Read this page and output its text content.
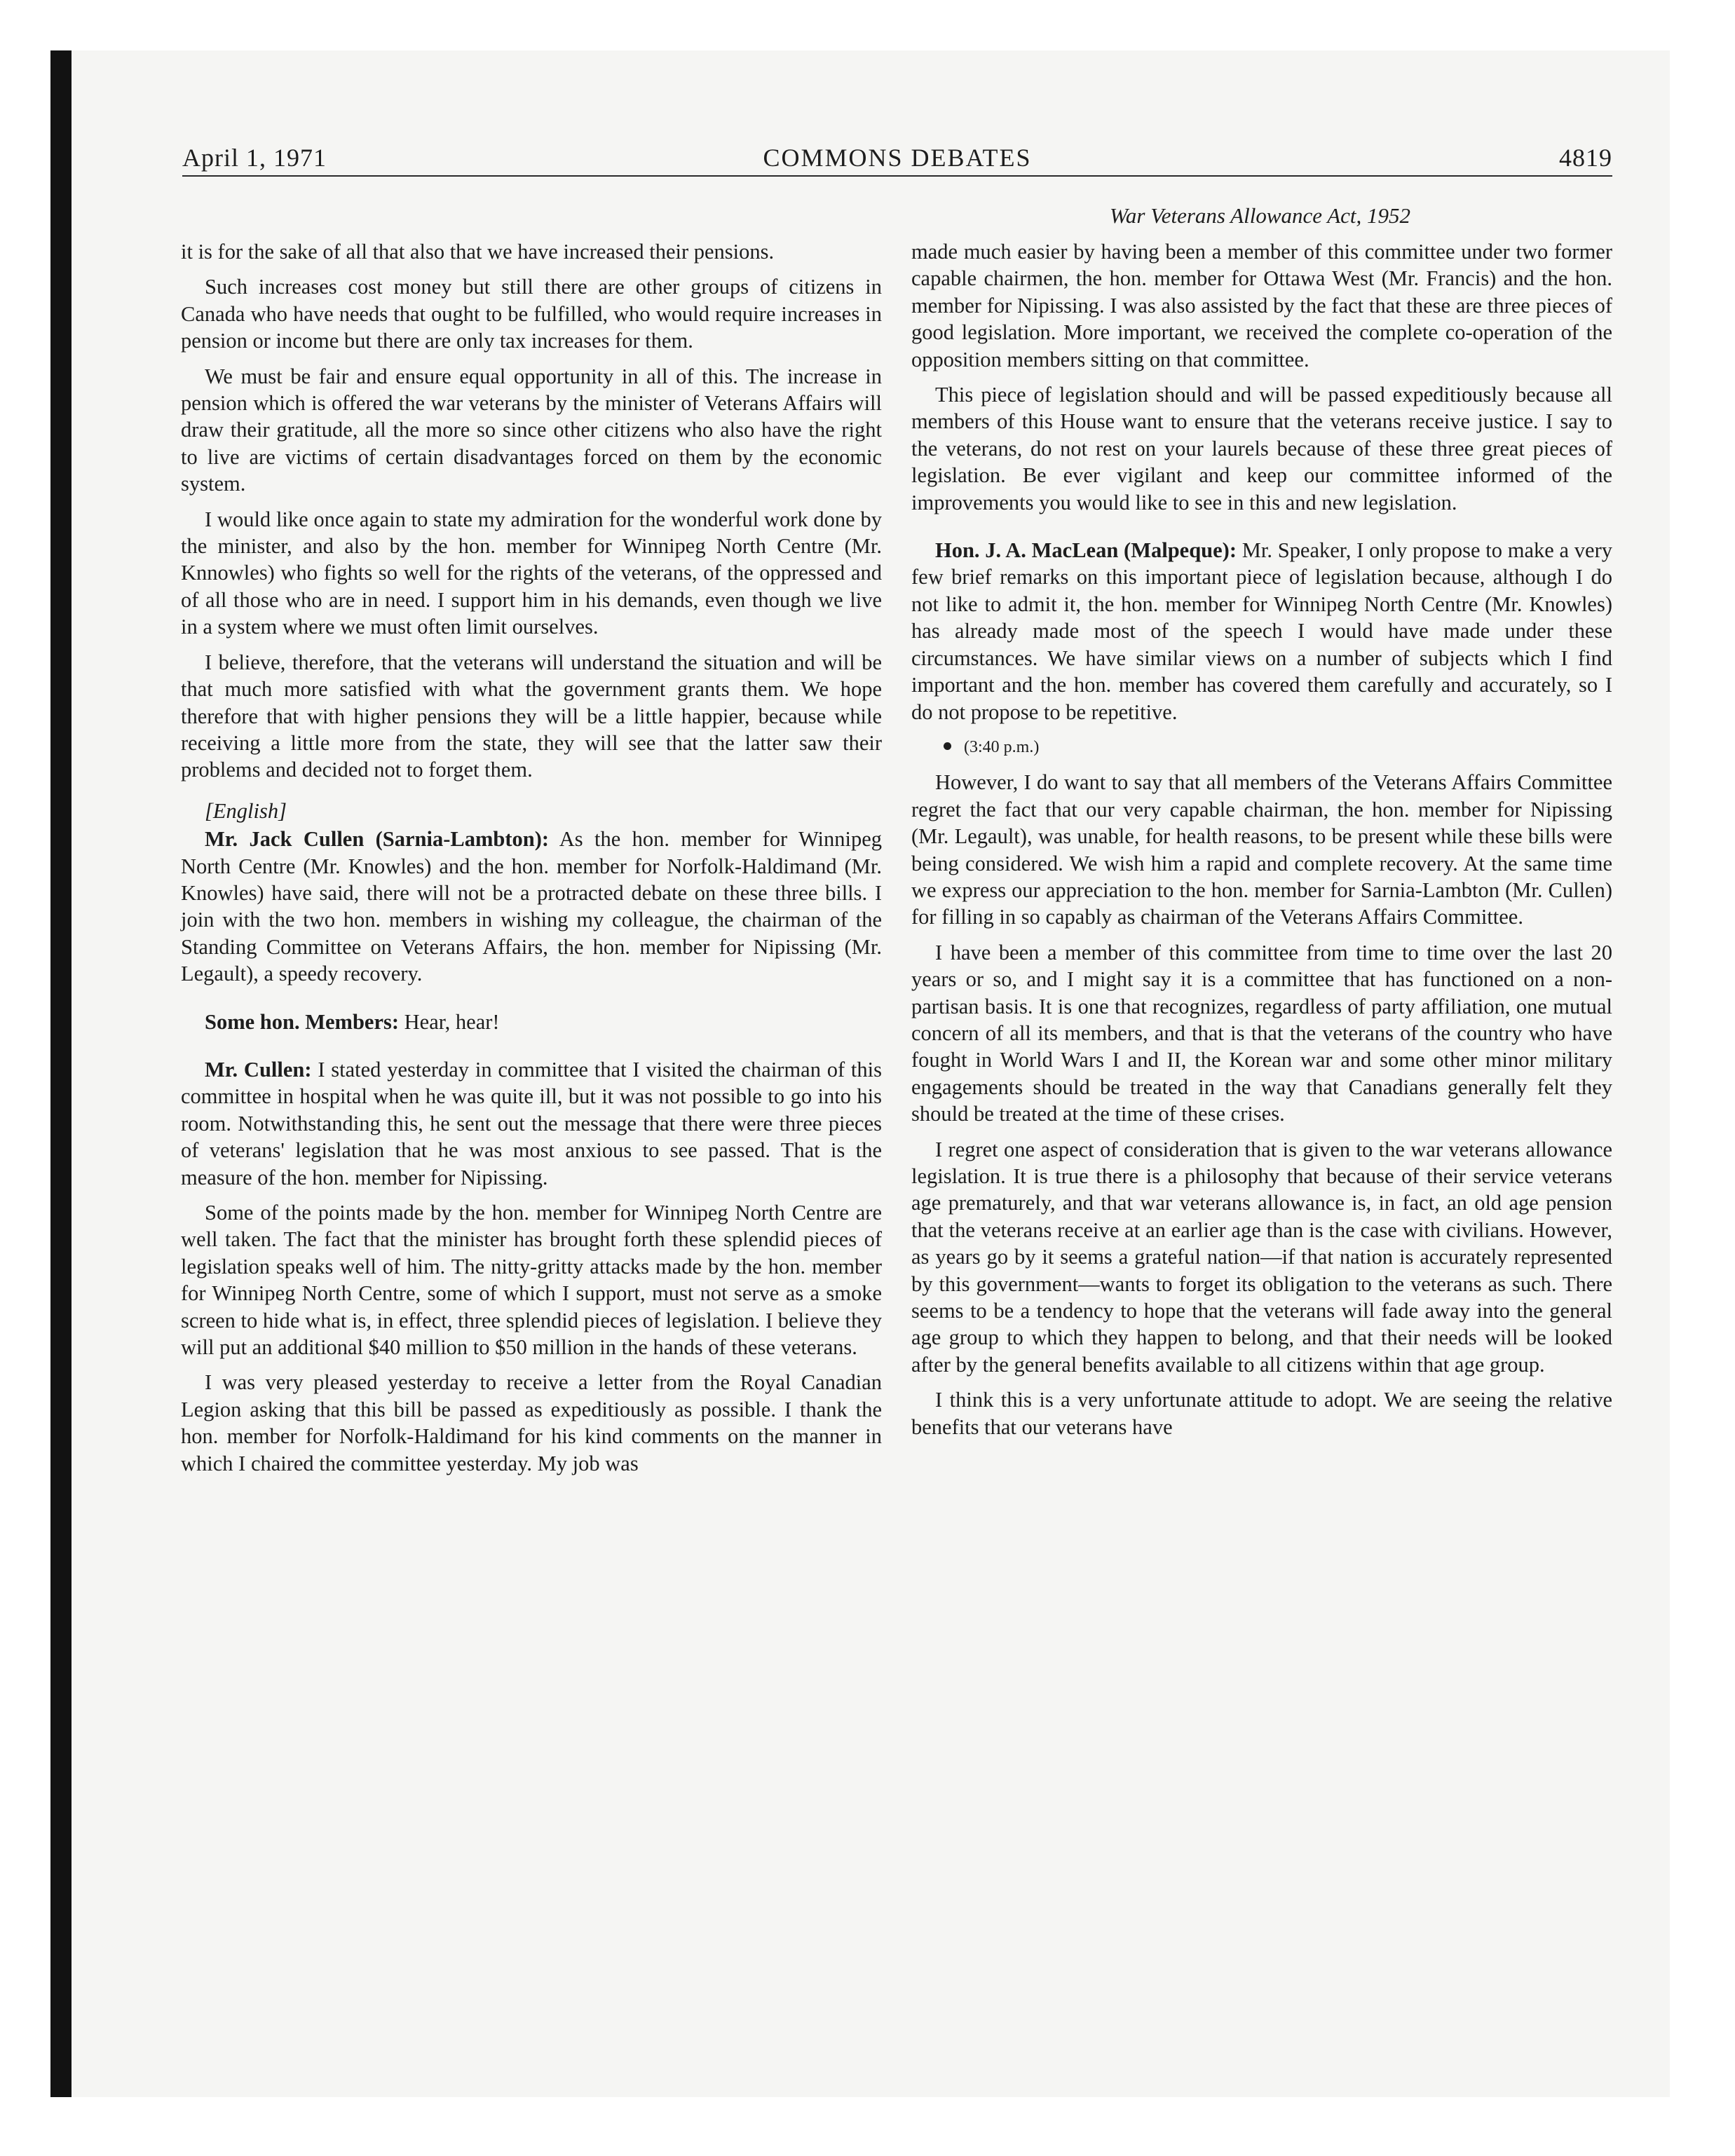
April 1, 1971	COMMONS DEBATES	4819
War Veterans Allowance Act, 1952

it is for the sake of all that also that we have increased their pensions.

Such increases cost money but still there are other groups of citizens in Canada who have needs that ought to be fulfilled, who would require increases in pension or income but there are only tax increases for them.

We must be fair and ensure equal opportunity in all of this. The increase in pension which is offered the war veterans by the minister of Veterans Affairs will draw their gratitude, all the more so since other citizens who also have the right to live are victims of certain disadvantages forced on them by the economic system.

I would like once again to state my admiration for the wonderful work done by the minister, and also by the hon. member for Winnipeg North Centre (Mr. Knnowles) who fights so well for the rights of the veterans, of the oppressed and of all those who are in need. I support him in his demands, even though we live in a system where we must often limit ourselves.

I believe, therefore, that the veterans will understand the situation and will be that much more satisfied with what the government grants them. We hope therefore that with higher pensions they will be a little happier, because while receiving a little more from the state, they will see that the latter saw their problems and decided not to forget them.

[English]

Mr. Jack Cullen (Sarnia-Lambton): As the hon. member for Winnipeg North Centre (Mr. Knowles) and the hon. member for Norfolk-Haldimand (Mr. Knowles) have said, there will not be a protracted debate on these three bills. I join with the two hon. members in wishing my colleague, the chairman of the Standing Committee on Veterans Affairs, the hon. member for Nipissing (Mr. Legault), a speedy recovery.

Some hon. Members: Hear, hear!

Mr. Cullen: I stated yesterday in committee that I visited the chairman of this committee in hospital when he was quite ill, but it was not possible to go into his room. Notwithstanding this, he sent out the message that there were three pieces of veterans' legislation that he was most anxious to see passed. That is the measure of the hon. member for Nipissing.

Some of the points made by the hon. member for Winnipeg North Centre are well taken. The fact that the minister has brought forth these splendid pieces of legislation speaks well of him. The nitty-gritty attacks made by the hon. member for Winnipeg North Centre, some of which I support, must not serve as a smoke screen to hide what is, in effect, three splendid pieces of legislation. I believe they will put an additional $40 million to $50 million in the hands of these veterans.

I was very pleased yesterday to receive a letter from the Royal Canadian Legion asking that this bill be passed as expeditiously as possible. I thank the hon. member for Norfolk-Haldimand for his kind comments on the manner in which I chaired the committee yesterday. My job was

made much easier by having been a member of this committee under two former capable chairmen, the hon. member for Ottawa West (Mr. Francis) and the hon. member for Nipissing. I was also assisted by the fact that these are three pieces of good legislation. More important, we received the complete co-operation of the opposition members sitting on that committee.

This piece of legislation should and will be passed expeditiously because all members of this House want to ensure that the veterans receive justice. I say to the veterans, do not rest on your laurels because of these three great pieces of legislation. Be ever vigilant and keep our committee informed of the improvements you would like to see in this and new legislation.

Hon. J. A. MacLean (Malpeque): Mr. Speaker, I only propose to make a very few brief remarks on this important piece of legislation because, although I do not like to admit it, the hon. member for Winnipeg North Centre (Mr. Knowles) has already made most of the speech I would have made under these circumstances. We have similar views on a number of subjects which I find important and the hon. member has covered them carefully and accurately, so I do not propose to be repetitive.

(3:40 p.m.)

However, I do want to say that all members of the Veterans Affairs Committee regret the fact that our very capable chairman, the hon. member for Nipissing (Mr. Legault), was unable, for health reasons, to be present while these bills were being considered. We wish him a rapid and complete recovery. At the same time we express our appreciation to the hon. member for Sarnia-Lambton (Mr. Cullen) for filling in so capably as chairman of the Veterans Affairs Committee.

I have been a member of this committee from time to time over the last 20 years or so, and I might say it is a committee that has functioned on a non-partisan basis. It is one that recognizes, regardless of party affiliation, one mutual concern of all its members, and that is that the veterans of the country who have fought in World Wars I and II, the Korean war and some other minor military engagements should be treated in the way that Canadians generally felt they should be treated at the time of these crises.

I regret one aspect of consideration that is given to the war veterans allowance legislation. It is true there is a philosophy that because of their service veterans age prematurely, and that war veterans allowance is, in fact, an old age pension that the veterans receive at an earlier age than is the case with civilians. However, as years go by it seems a grateful nation—if that nation is accurately represented by this government—wants to forget its obligation to the veterans as such. There seems to be a tendency to hope that the veterans will fade away into the general age group to which they happen to belong, and that their needs will be looked after by the general benefits available to all citizens within that age group.

I think this is a very unfortunate attitude to adopt. We are seeing the relative benefits that our veterans have
